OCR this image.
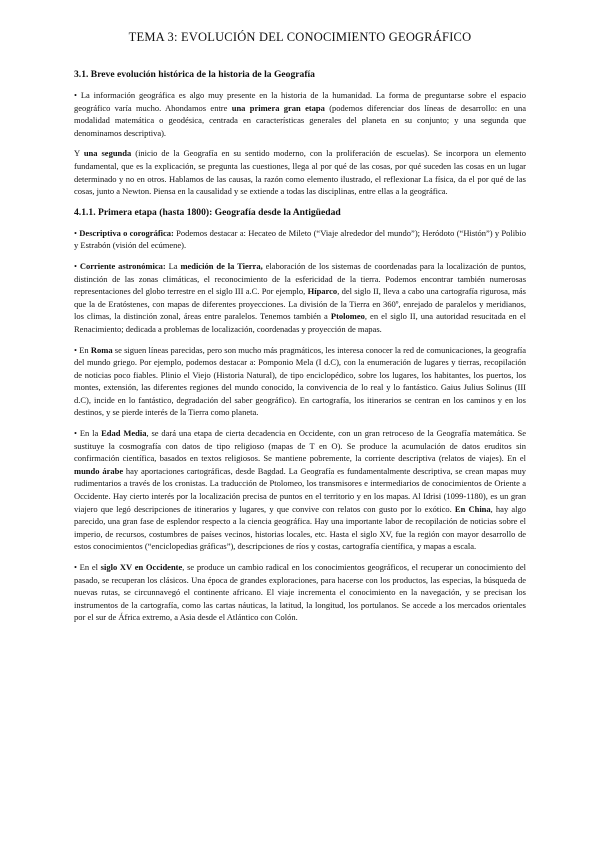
TEMA 3: EVOLUCIÓN DEL CONOCIMIENTO GEOGRÁFICO
3.1. Breve evolución histórica de la historia de la Geografía

• La información geográfica es algo muy presente en la historia de la humanidad. La forma de preguntarse sobre el espacio geográfico varía mucho. Ahondamos entre una primera gran etapa (podemos diferenciar dos líneas de desarrollo: en una modalidad matemática o geodésica, centrada en características generales del planeta en su conjunto; y una segunda que denominamos descriptiva).

Y una segunda (inicio de la Geografía en su sentido moderno, con la proliferación de escuelas). Se incorpora un elemento fundamental, que es la explicación, se pregunta las cuestiones, llega al por qué de las cosas, por qué suceden las cosas en un lugar determinado y no en otros. Hablamos de las causas, la razón como elemento ilustrado, el reflexionar La física, da el por qué de las cosas, junto a Newton. Piensa en la causalidad y se extiende a todas las disciplinas, entre ellas a la geográfica.

4.1.1. Primera etapa (hasta 1800): Geografía desde la Antigüedad

• Descriptiva o corográfica: Podemos destacar a: Hecateo de Mileto (“Viaje alrededor del mundo”); Heródoto (“Histón”) y Polibio y Estrabón (visión del ecúmene).

• Corriente astronómica: La medición de la Tierra, elaboración de los sistemas de coordenadas para la localización de puntos, distinción de las zonas climáticas, el reconocimiento de la esfericidad de la tierra. Podemos encontrar también numerosas representaciones del globo terrestre en el siglo III a.C. Por ejemplo, Híparco, del siglo II, lleva a cabo una cartografía rigurosa, más que la de Eratóstenes, con mapas de diferentes proyecciones. La división de la Tierra en 360º, enrejado de paralelos y meridianos, los climas, la distinción zonal, áreas entre paralelos. Tenemos también a Ptolomeo, en el siglo II, una autoridad resucitada en el Renacimiento; dedicada a problemas de localización, coordenadas y proyección de mapas.

• En Roma se siguen líneas parecidas, pero son mucho más pragmáticos, les interesa conocer la red de comunicaciones, la geografía del mundo griego. Por ejemplo, podemos destacar a: Pomponio Mela (I d.C), con la enumeración de lugares y tierras, recopilación de noticias poco fiables. Plinio el Viejo (Historia Natural), de tipo enciclopédico, sobre los lugares, los habitantes, los puertos, los montes, extensión, las diferentes regiones del mundo conocido, la convivencia de lo real y lo fantástico. Gaius Julius Solinus (III d.C), incide en lo fantástico, degradación del saber geográfico). En cartografía, los itinerarios se centran en los caminos y en los destinos, y se pierde interés de la Tierra como planeta.

• En la Edad Media, se dará una etapa de cierta decadencia en Occidente, con un gran retroceso de la Geografía matemática. Se sustituye la cosmografía con datos de tipo religioso (mapas de T en O). Se produce la acumulación de datos eruditos sin confirmación científica, basados en textos religiosos. Se mantiene pobremente, la corriente descriptiva (relatos de viajes). En el mundo árabe hay aportaciones cartográficas, desde Bagdad. La Geografía es fundamentalmente descriptiva, se crean mapas muy rudimentarios a través de los cronistas. La traducción de Ptolomeo, los transmisores e intermediarios de conocimientos de Oriente a Occidente. Hay cierto interés por la localización precisa de puntos en el territorio y en los mapas. Al Idrisi (1099-1180), es un gran viajero que legó descripciones de itinerarios y lugares, y que convive con relatos con gusto por lo exótico. En China, hay algo parecido, una gran fase de esplendor respecto a la ciencia geográfica. Hay una importante labor de recopilación de noticias sobre el imperio, de recursos, costumbres de países vecinos, historias locales, etc. Hasta el siglo XV, fue la región con mayor desarrollo de estos conocimientos (“enciclopedias gráficas”), descripciones de ríos y costas, cartografía científica, y mapas a escala.

• En el siglo XV en Occidente, se produce un cambio radical en los conocimientos geográficos, el recuperar un conocimiento del pasado, se recuperan los clásicos. Una época de grandes exploraciones, para hacerse con los productos, las especias, la búsqueda de nuevas rutas, se circunnavegó el continente africano. El viaje incrementa el conocimiento en la navegación, y se precisan los instrumentos de la cartografía, como las cartas náuticas, la latitud, la longitud, los portulanos. Se accede a los mercados orientales por el sur de África extremo, a Asia desde el Atlántico con Colón.
